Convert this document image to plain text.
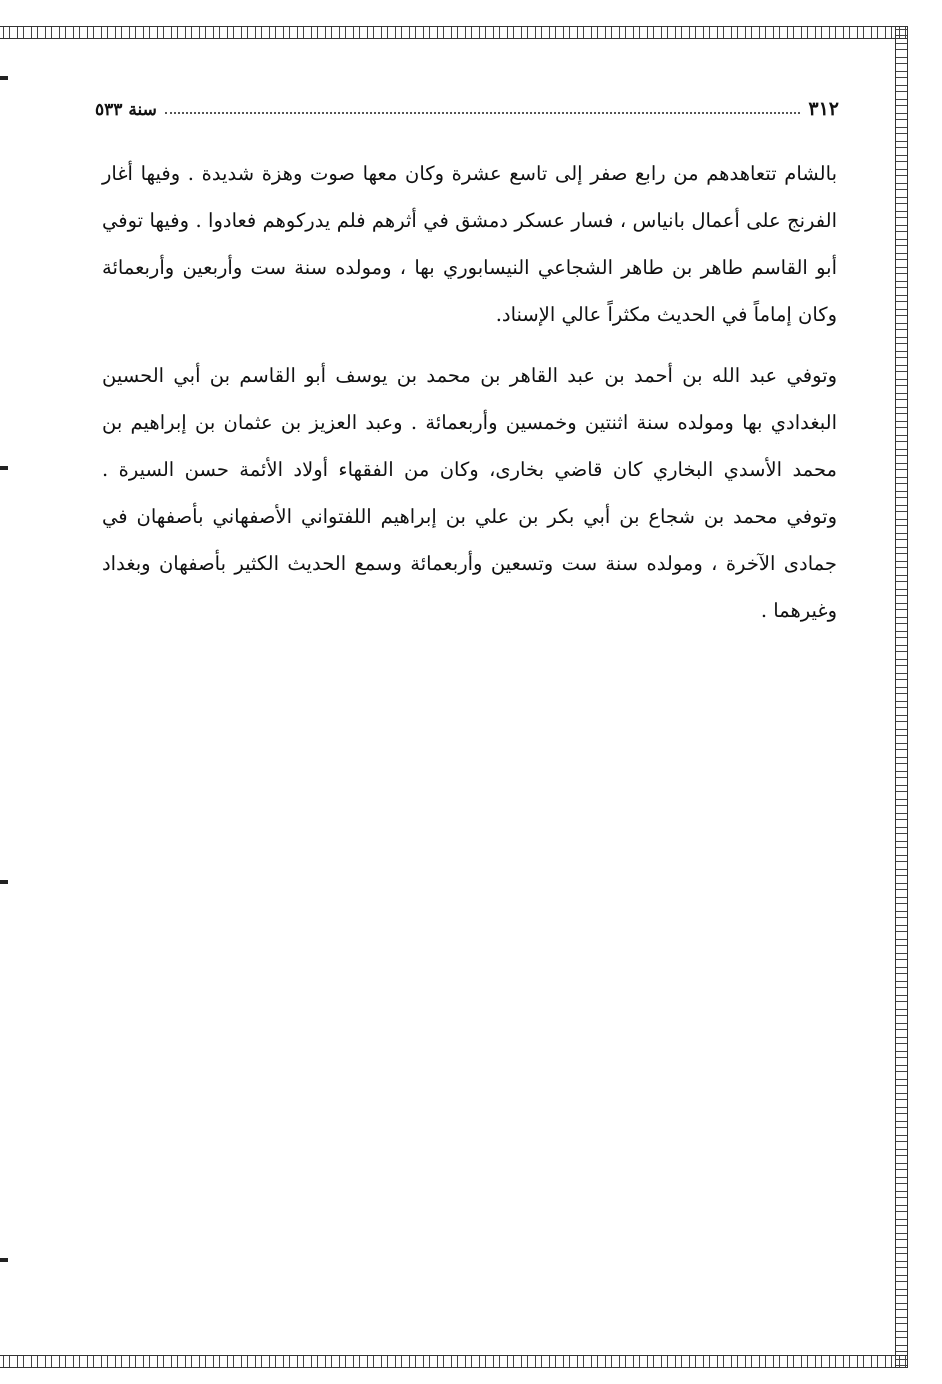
٣١٢
سنة ٥٣٣

بالشام تتعاهدهم من رابع صفر إلى تاسع عشرة وكان معها صوت وهزة شديدة . وفيها أغار الفرنج على أعمال بانياس ، فسار عسكر دمشق في أثرهم فلم يدركوهم فعادوا . وفيها توفي أبو القاسم طاهر بن طاهر الشجاعي النيسابوري بها ، ومولده سنة ست وأربعين وأربعمائة وكان إماماً في الحديث مكثراً عالي الإسناد.

وتوفي عبد الله بن أحمد بن عبد القاهر بن محمد بن يوسف أبو القاسم بن أبي الحسين البغدادي بها ومولده سنة اثنتين وخمسين وأربعمائة . وعبد العزيز بن عثمان بن إبراهيم بن محمد الأسدي البخاري كان قاضي بخارى، وكان من الفقهاء أولاد الأئمة حسن السيرة . وتوفي محمد بن شجاع بن أبي بكر بن علي بن إبراهيم اللفتواني الأصفهاني بأصفهان في جمادى الآخرة ، ومولده سنة ست وتسعين وأربعمائة وسمع الحديث الكثير بأصفهان وبغداد وغيرهما .
